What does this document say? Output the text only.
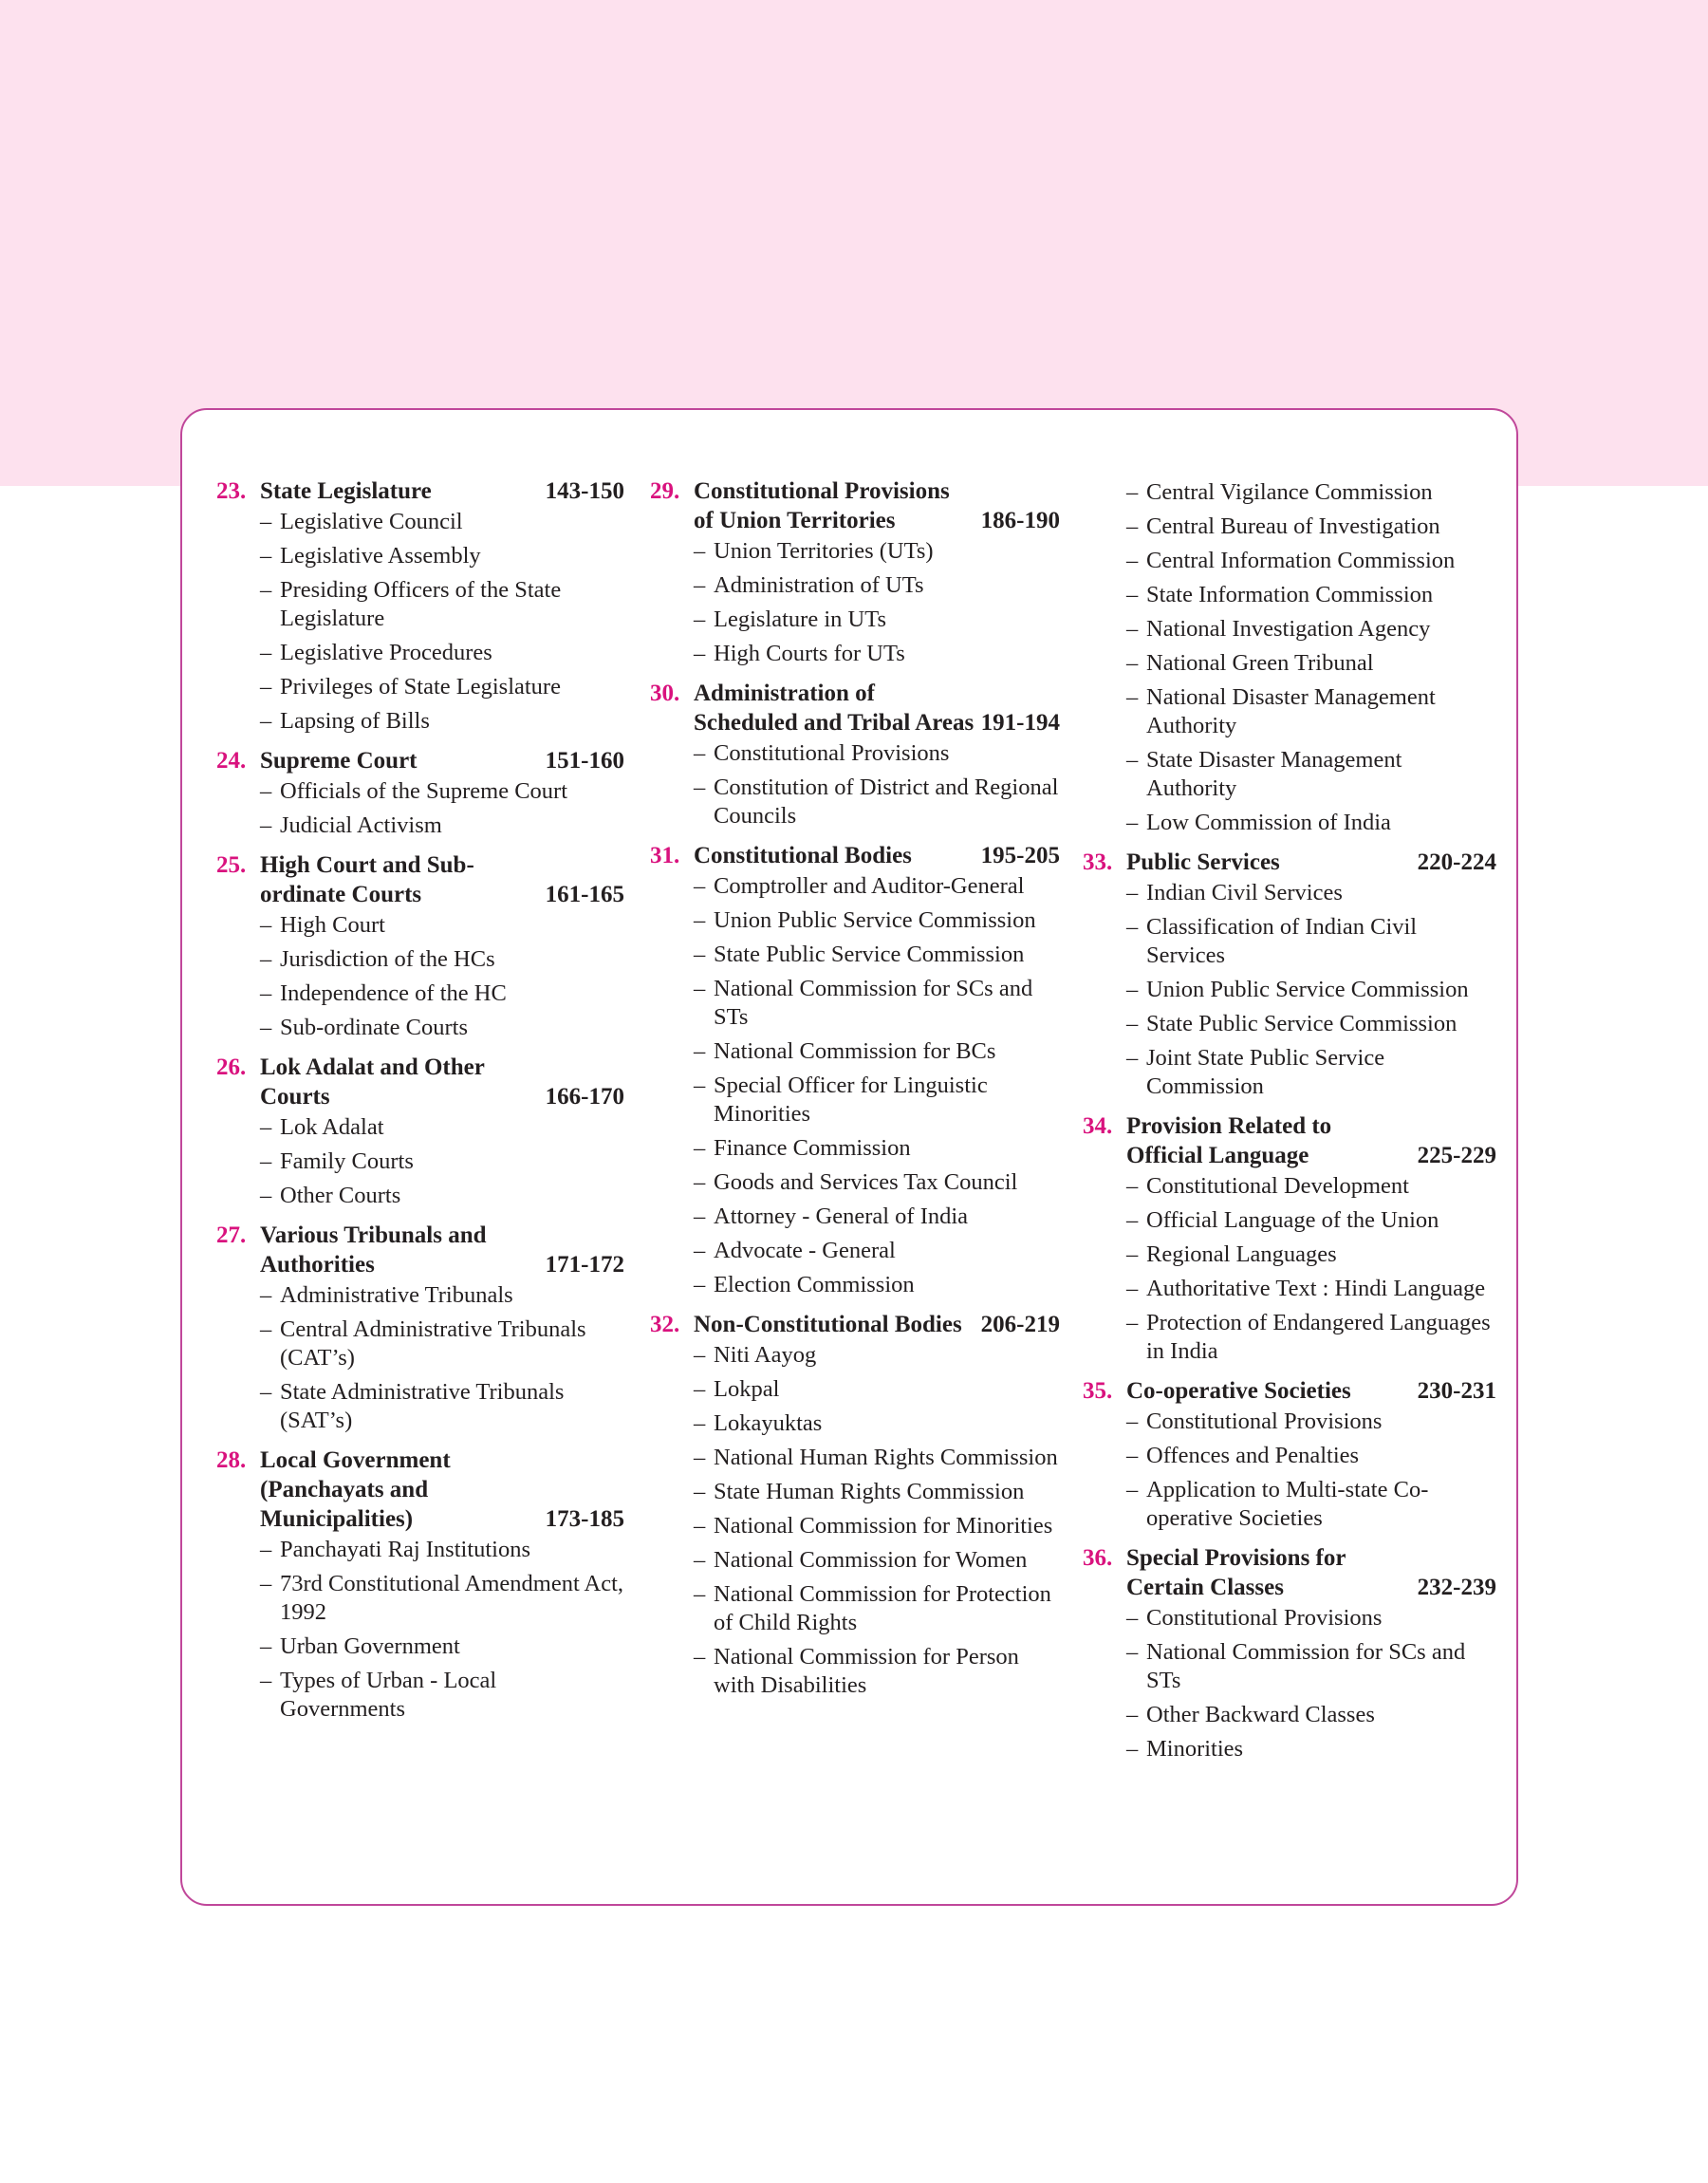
23. State Legislature	143-150
– Legislative Council
– Legislative Assembly
– Presiding Officers of the State Legislature
– Legislative Procedures
– Privileges of State Legislature
– Lapsing of Bills
24. Supreme Court	151-160
– Officials of the Supreme Court
– Judicial Activism
25. High Court and Sub-ordinate Courts	161-165
– High Court
– Jurisdiction of the HCs
– Independence of the HC
– Sub-ordinate Courts
26. Lok Adalat and Other Courts	166-170
– Lok Adalat
– Family Courts
– Other Courts
27. Various Tribunals and Authorities	171-172
– Administrative Tribunals
– Central Administrative Tribunals (CAT’s)
– State Administrative Tribunals (SAT’s)
28. Local Government (Panchayats and Municipalities)	173-185
– Panchayati Raj Institutions
– 73rd Constitutional Amendment Act, 1992
– Urban Government
– Types of Urban - Local Governments
29. Constitutional Provisions of Union Territories	186-190
– Union Territories (UTs)
– Administration of UTs
– Legislature in UTs
– High Courts for UTs
30. Administration of Scheduled and Tribal Areas 191-194
– Constitutional Provisions
– Constitution of District and Regional Councils
31. Constitutional Bodies	195-205
– Comptroller and Auditor-General
– Union Public Service Commission
– State Public Service Commission
– National Commission for SCs and STs
– National Commission for BCs
– Special Officer for Linguistic Minorities
– Finance Commission
– Goods and Services Tax Council
– Attorney - General of India
– Advocate - General
– Election Commission
32. Non-Constitutional Bodies 206-219
– Niti Aayog
– Lokpal
– Lokayuktas
– National Human Rights Commission
– State Human Rights Commission
– National Commission for Minorities
– National Commission for Women
– National Commission for Protection of Child Rights
– National Commission for Person with Disabilities
– Central Vigilance Commission
– Central Bureau of Investigation
– Central Information Commission
– State Information Commission
– National Investigation Agency
– National Green Tribunal
– National Disaster Management Authority
– State Disaster Management Authority
– Low Commission of India
33. Public Services	220-224
– Indian Civil Services
– Classification of Indian Civil Services
– Union Public Service Commission
– State Public Service Commission
– Joint State Public Service Commission
34. Provision Related to Official Language	225-229
– Constitutional Development
– Official Language of the Union
– Regional Languages
– Authoritative Text : Hindi Language
– Protection of Endangered Languages in India
35. Co-operative Societies	230-231
– Constitutional Provisions
– Offences and Penalties
– Application to Multi-state Co-operative Societies
36. Special Provisions for Certain Classes	232-239
– Constitutional Provisions
– National Commission for SCs and STs
– Other Backward Classes
– Minorities
